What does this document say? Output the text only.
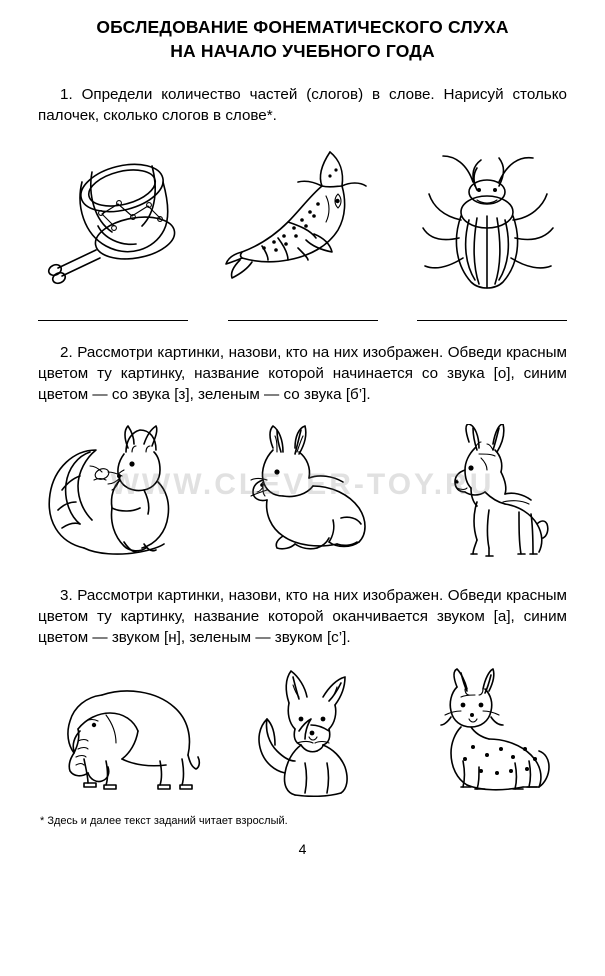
ОБСЛЕДОВАНИЕ ФОНЕМАТИЧЕСКОГО СЛУХА
НА НАЧАЛО УЧЕБНОГО ГОДА

1. Определи количество частей (слогов) в слове. Нарисуй столько палочек, сколько слогов в слове*.

2. Рассмотри картинки, назови, кто на них изображен. Обведи красным цветом ту картинку, название которой начинается со звука [о], синим цветом — со звука [з], зеленым — со звука [б’].

3. Рассмотри картинки, назови, кто на них изображен. Обведи красным цветом ту картинку, название которой оканчивается звуком [а], синим цветом — звуком [н], зеленым — звуком [с’].

* Здесь и далее текст заданий читает взрослый.
4
WWW.CLEVER-TOY.RU
